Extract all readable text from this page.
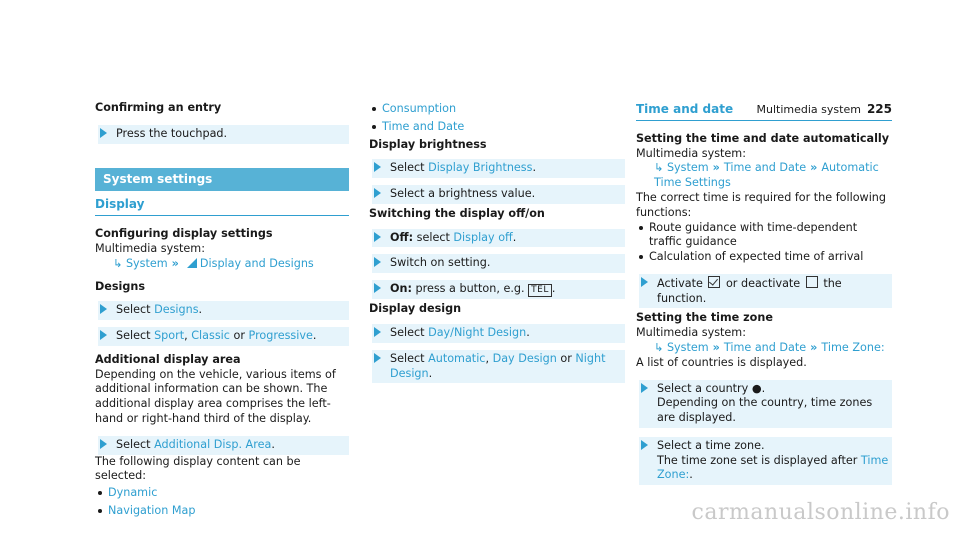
Multimedia system 225
Confirming an entry
Press the touchpad.
System settings
Display
Configuring display settings
Multimedia system:
↳ System » Display and Designs
Designs
Select Designs.
Select Sport, Classic or Progressive.
Additional display area
Depending on the vehicle, various items of additional information can be shown. The additional display area comprises the left-hand or right-hand third of the display.
Select Additional Disp. Area.
The following display content can be selected:
Dynamic
Navigation Map
Consumption
Time and Date
Display brightness
Select Display Brightness.
Select a brightness value.
Switching the display off/on
Off: select Display off.
Switch on setting.
On: press a button, e.g. TEL .
Display design
Select Day/Night Design.
Select Automatic, Day Design or Night Design.
Time and date
Setting the time and date automatically
Multimedia system:
↳ System » Time and Date » Automatic Time Settings
The correct time is required for the following functions:
Route guidance with time-dependent traffic guidance
Calculation of expected time of arrival
Activate  or deactivate  the function.
Setting the time zone
Multimedia system:
↳ System » Time and Date » Time Zone:
A list of countries is displayed.
Select a country ●.
Depending on the country, time zones are displayed.
Select a time zone.
The time zone set is displayed after Time Zone:.
carmanualsonline.info
